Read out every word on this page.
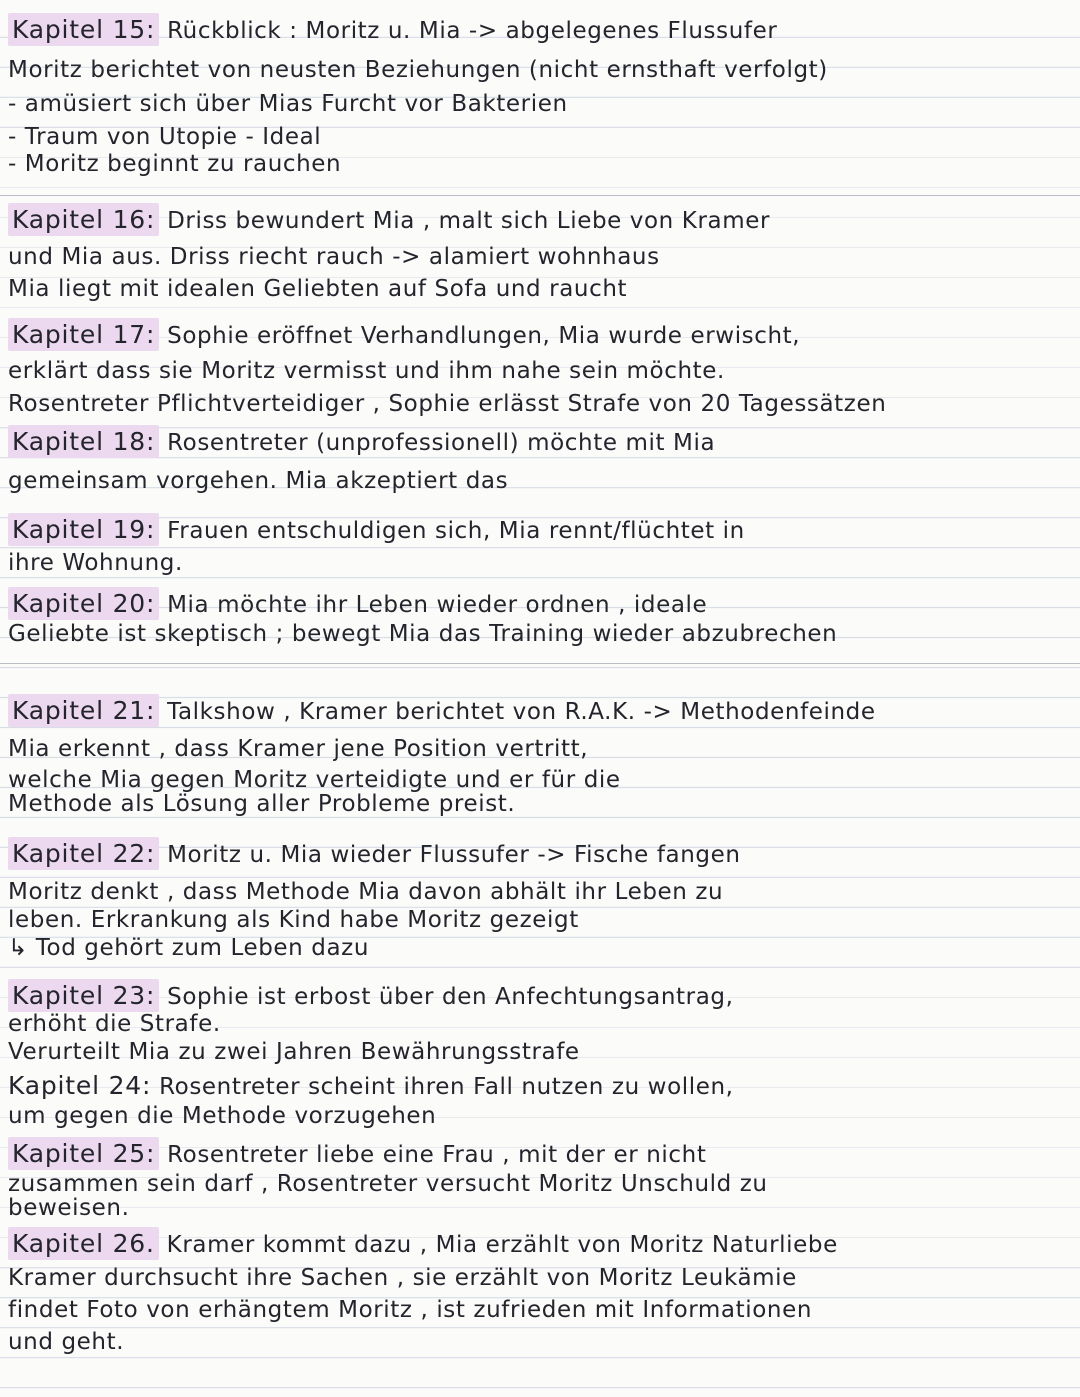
Kapitel 15: Rückblick : Moritz u. Mia -> abgelegenes Flussufer
Moritz berichtet von neusten Beziehungen (nicht ernsthaft verfolgt)
- amüsiert sich über Mias Furcht vor Bakterien
- Traum von Utopie - Ideal
- Moritz beginnt zu rauchen
Kapitel 16: Driss bewundert Mia , malt sich Liebe von Kramer
und Mia aus. Driss riecht rauch -> alamiert wohnhaus
Mia liegt mit idealen Geliebten auf Sofa und raucht
Kapitel 17: Sophie eröffnet Verhandlungen, Mia wurde erwischt,
erklärt dass sie Moritz vermisst und ihm nahe sein möchte.
Rosentreter Pflichtverteidiger , Sophie erlässt Strafe von 20 Tagessätzen
Kapitel 18: Rosentreter (unprofessionell) möchte mit Mia
gemeinsam vorgehen. Mia akzeptiert das
Kapitel 19: Frauen entschuldigen sich, Mia rennt/flüchtet in
ihre Wohnung.
Kapitel 20: Mia möchte ihr Leben wieder ordnen , ideale
Geliebte ist skeptisch ; bewegt Mia das Training wieder abzubrechen
Kapitel 21: Talkshow , Kramer berichtet von R.A.K. -> Methodenfeinde
Mia erkennt , dass Kramer jene Position vertritt,
welche Mia gegen Moritz verteidigte und er für die
Methode als Lösung aller Probleme preist.
Kapitel 22: Moritz u. Mia wieder Flussufer -> Fische fangen
Moritz denkt , dass Methode Mia davon abhält ihr Leben zu
leben. Erkrankung als Kind habe Moritz gezeigt
↳ Tod gehört zum Leben dazu
Kapitel 23: Sophie ist erbost über den Anfechtungsantrag,
erhöht die Strafe.
Verurteilt Mia zu zwei Jahren Bewährungsstrafe
Kapitel 24: Rosentreter scheint ihren Fall nutzen zu wollen,
um gegen die Methode vorzugehen
Kapitel 25: Rosentreter liebe eine Frau , mit der er nicht
zusammen sein darf , Rosentreter versucht Moritz Unschuld zu
beweisen.
Kapitel 26. Kramer kommt dazu , Mia erzählt von Moritz Naturliebe
Kramer durchsucht ihre Sachen , sie erzählt von Moritz Leukämie
findet Foto von erhängtem Moritz , ist zufrieden mit Informationen
und geht.
